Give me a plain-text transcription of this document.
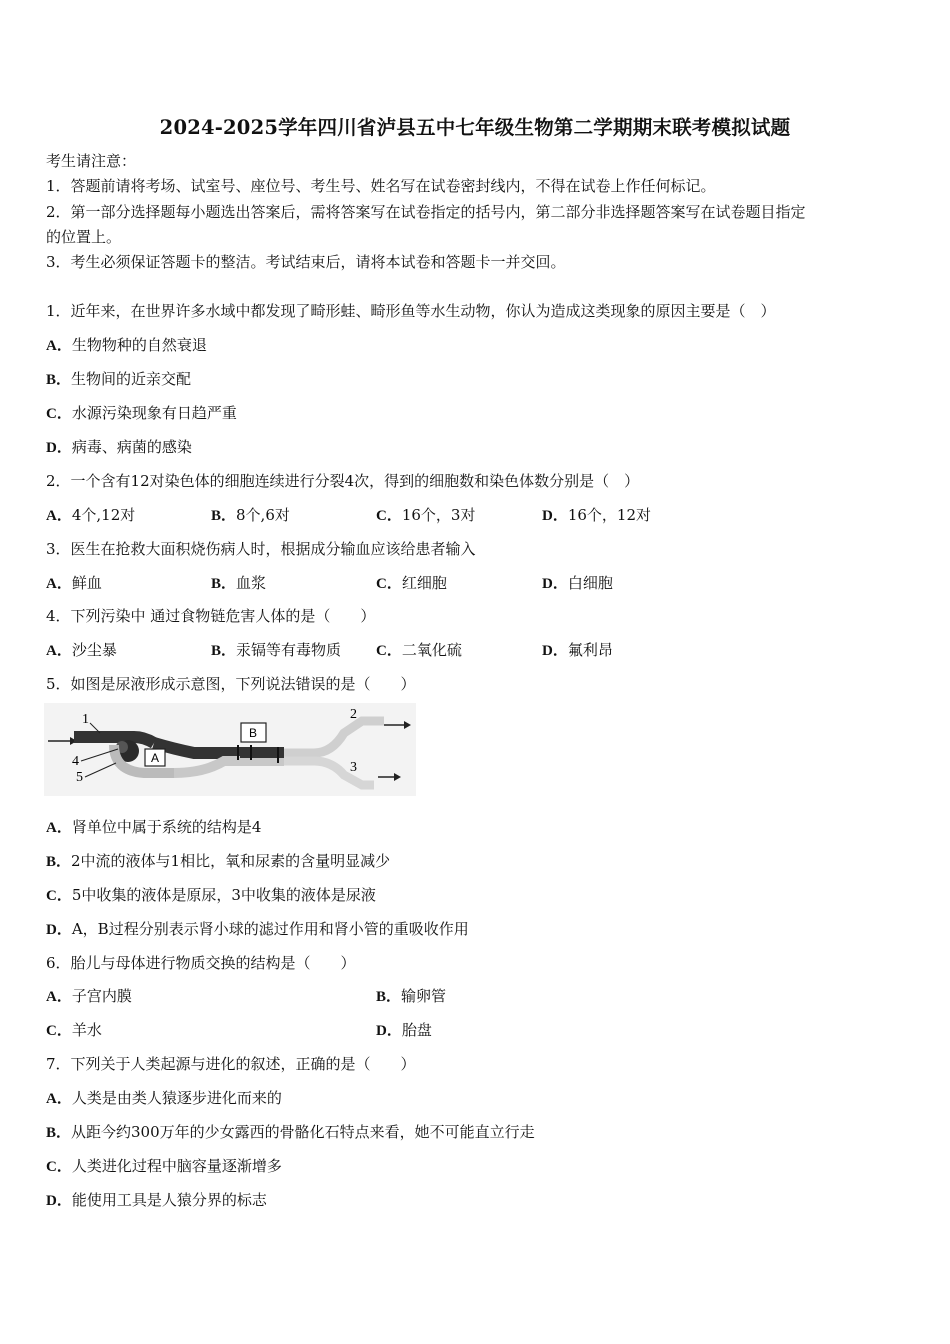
2024-2025学年四川省泸县五中七年级生物第二学期期末联考模拟试题
考生请注意：
1．答题前请将考场、试室号、座位号、考生号、姓名写在试卷密封线内，不得在试卷上作任何标记。
2．第一部分选择题每小题选出答案后，需将答案写在试卷指定的括号内，第二部分非选择题答案写在试卷题目指定
的位置上。
3．考生必须保证答题卡的整洁。考试结束后，请将本试卷和答题卡一并交回。
1．近年来，在世界许多水域中都发现了畸形蛙、畸形鱼等水生动物，你认为造成这类现象的原因主要是（　）
A．生物物种的自然衰退
B．生物间的近亲交配
C．水源污染现象有日趋严重
D．病毒、病菌的感染
2．一个含有12对染色体的细胞连续进行分裂4次，得到的细胞数和染色体数分别是（　）
A．4个,12对	B．8个,6对	C．16个，3对	D．16个，12对
3．医生在抢救大面积烧伤病人时，根据成分输血应该给患者输入
A．鲜血	B．血浆	C．红细胞	D．白细胞
4．下列污染中 通过食物链危害人体的是（　　）
A．沙尘暴	B．汞镉等有毒物质 C．二氧化硫	D．氟利昂
5．如图是尿液形成示意图，下列说法错误的是（　　）
A
B
1	2
3
4
5
A．肾单位中属于系统的结构是4
B．2中流的液体与1相比，氧和尿素的含量明显减少
C．5中收集的液体是原尿，3中收集的液体是尿液
D．A，B过程分别表示肾小球的滤过作用和肾小管的重吸收作用
6．胎儿与母体进行物质交换的结构是（　　）
A．子宫内膜	B．输卵管
C．羊水	D．胎盘
7．下列关于人类起源与进化的叙述，正确的是（　　）
A．人类是由类人猿逐步进化而来的
B．从距今约300万年的少女露西的骨骼化石特点来看，她不可能直立行走
C．人类进化过程中脑容量逐渐增多
D．能使用工具是人猿分界的标志
